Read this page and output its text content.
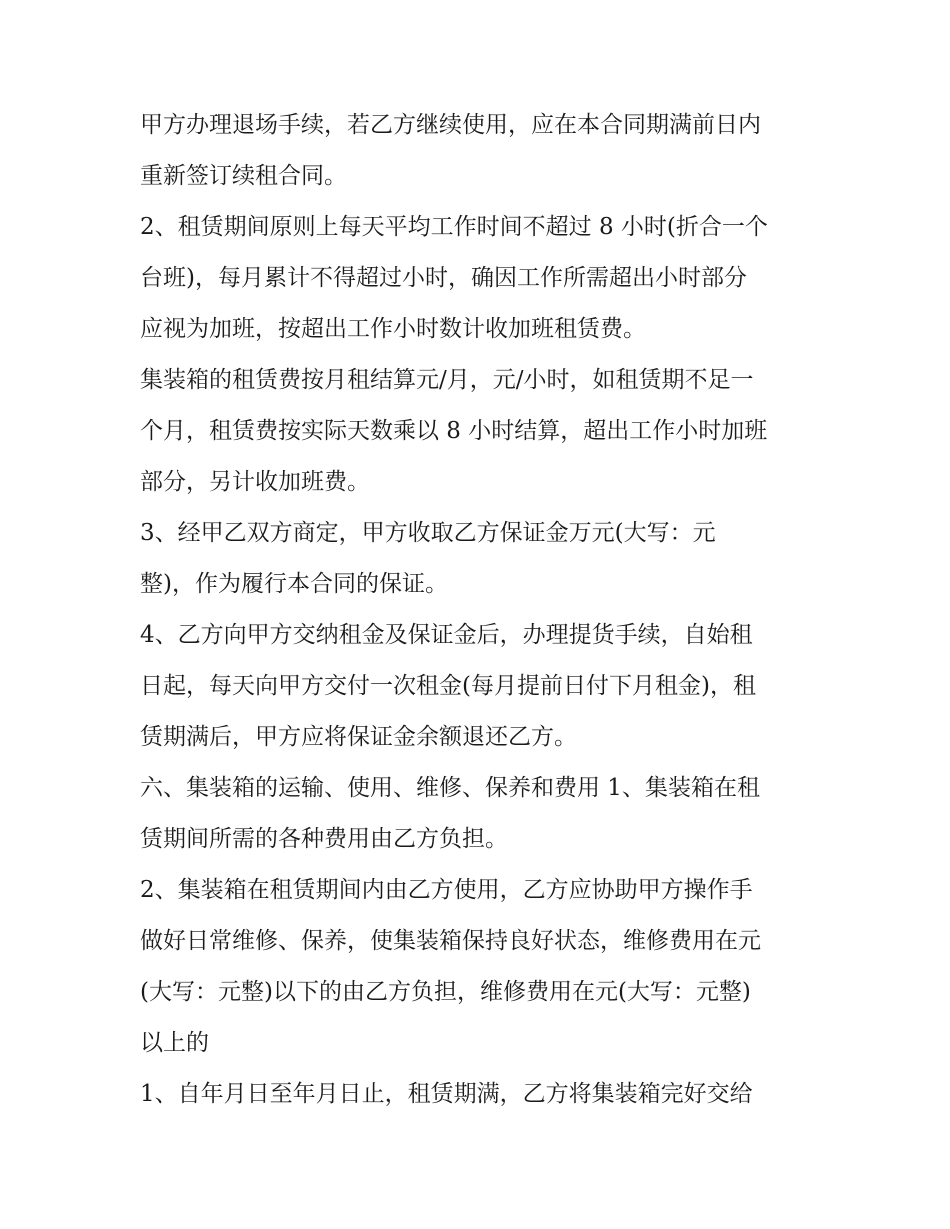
甲方办理退场手续，若乙方继续使用，应在本合同期满前日内
重新签订续租合同。

2、租赁期间原则上每天平均工作时间不超过 8 小时(折合一个
台班)，每月累计不得超过小时，确因工作所需超出小时部分
应视为加班，按超出工作小时数计收加班租赁费。

集装箱的租赁费按月租结算元/月，元/小时，如租赁期不足一
个月，租赁费按实际天数乘以 8 小时结算，超出工作小时加班
部分，另计收加班费。

3、经甲乙双方商定，甲方收取乙方保证金万元(大写：元
整)，作为履行本合同的保证。

4、乙方向甲方交纳租金及保证金后，办理提货手续，自始租
日起，每天向甲方交付一次租金(每月提前日付下月租金)，租
赁期满后，甲方应将保证金余额退还乙方。

六、集装箱的运输、使用、维修、保养和费用 1、集装箱在租
赁期间所需的各种费用由乙方负担。

2、集装箱在租赁期间内由乙方使用，乙方应协助甲方操作手
做好日常维修、保养，使集装箱保持良好状态，维修费用在元
(大写：元整)以下的由乙方负担，维修费用在元(大写：元整)
以上的

1、自年月日至年月日止，租赁期满，乙方将集装箱完好交给
